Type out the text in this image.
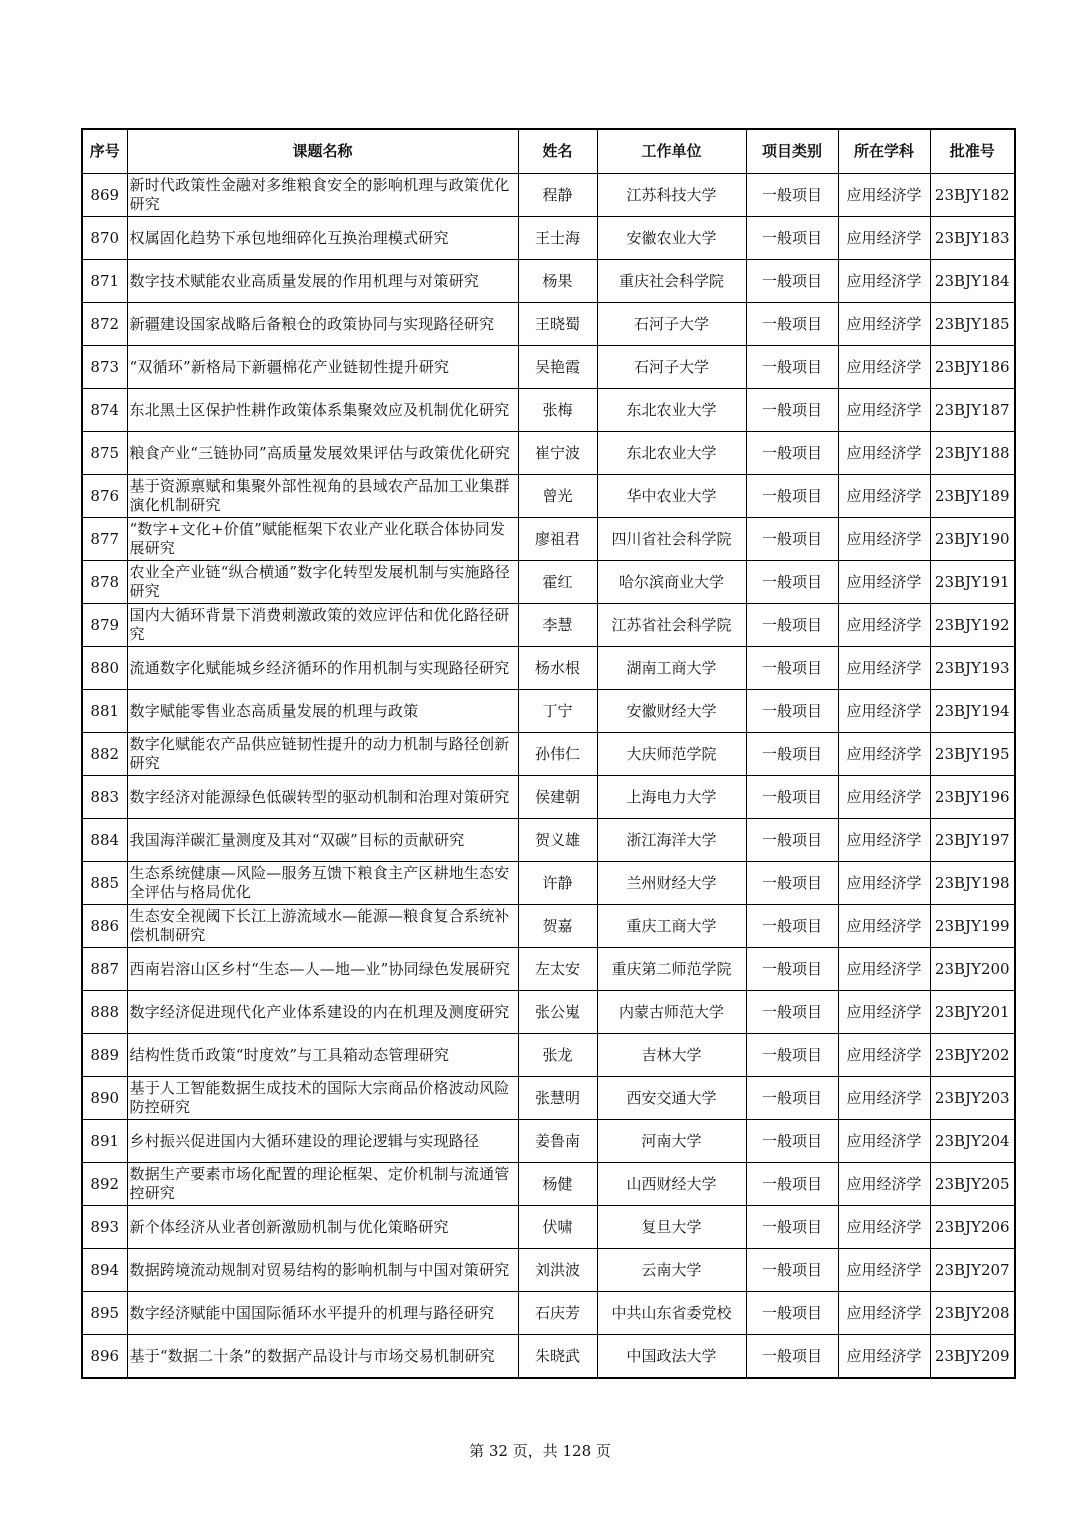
序号	课题名称	姓名	工作单位	项目类别	所在学科	批准号
869	新时代政策性金融对多维粮食安全的影响机理与政策优化研究	程静	江苏科技大学	一般项目	应用经济学	23BJY182
870	权属固化趋势下承包地细碎化互换治理模式研究	王士海	安徽农业大学	一般项目	应用经济学	23BJY183
871	数字技术赋能农业高质量发展的作用机理与对策研究	杨果	重庆社会科学院	一般项目	应用经济学	23BJY184
872	新疆建设国家战略后备粮仓的政策协同与实现路径研究	王晓蜀	石河子大学	一般项目	应用经济学	23BJY185
873	“双循环”新格局下新疆棉花产业链韧性提升研究	吴艳霞	石河子大学	一般项目	应用经济学	23BJY186
874	东北黑土区保护性耕作政策体系集聚效应及机制优化研究	张梅	东北农业大学	一般项目	应用经济学	23BJY187
875	粮食产业“三链协同”高质量发展效果评估与政策优化研究	崔宁波	东北农业大学	一般项目	应用经济学	23BJY188
876	基于资源禀赋和集聚外部性视角的县域农产品加工业集群演化机制研究	曾光	华中农业大学	一般项目	应用经济学	23BJY189
877	“数字+文化+价值”赋能框架下农业产业化联合体协同发展研究	廖祖君	四川省社会科学院	一般项目	应用经济学	23BJY190
878	农业全产业链“纵合横通”数字化转型发展机制与实施路径研究	霍红	哈尔滨商业大学	一般项目	应用经济学	23BJY191
879	国内大循环背景下消费刺激政策的效应评估和优化路径研究	李慧	江苏省社会科学院	一般项目	应用经济学	23BJY192
880	流通数字化赋能城乡经济循环的作用机制与实现路径研究	杨水根	湖南工商大学	一般项目	应用经济学	23BJY193
881	数字赋能零售业态高质量发展的机理与政策	丁宁	安徽财经大学	一般项目	应用经济学	23BJY194
882	数字化赋能农产品供应链韧性提升的动力机制与路径创新研究	孙伟仁	大庆师范学院	一般项目	应用经济学	23BJY195
883	数字经济对能源绿色低碳转型的驱动机制和治理对策研究	侯建朝	上海电力大学	一般项目	应用经济学	23BJY196
884	我国海洋碳汇量测度及其对“双碳”目标的贡献研究	贺义雄	浙江海洋大学	一般项目	应用经济学	23BJY197
885	生态系统健康—风险—服务互馈下粮食主产区耕地生态安全评估与格局优化	许静	兰州财经大学	一般项目	应用经济学	23BJY198
886	生态安全视阈下长江上游流域水—能源—粮食复合系统补偿机制研究	贺嘉	重庆工商大学	一般项目	应用经济学	23BJY199
887	西南岩溶山区乡村“生态—人—地—业”协同绿色发展研究	左太安	重庆第二师范学院	一般项目	应用经济学	23BJY200
888	数字经济促进现代化产业体系建设的内在机理及测度研究	张公嵬	内蒙古师范大学	一般项目	应用经济学	23BJY201
889	结构性货币政策“时度效”与工具箱动态管理研究	张龙	吉林大学	一般项目	应用经济学	23BJY202
890	基于人工智能数据生成技术的国际大宗商品价格波动风险防控研究	张慧明	西安交通大学	一般项目	应用经济学	23BJY203
891	乡村振兴促进国内大循环建设的理论逻辑与实现路径	姜鲁南	河南大学	一般项目	应用经济学	23BJY204
892	数据生产要素市场化配置的理论框架、定价机制与流通管控研究	杨健	山西财经大学	一般项目	应用经济学	23BJY205
893	新个体经济从业者创新激励机制与优化策略研究	伏啸	复旦大学	一般项目	应用经济学	23BJY206
894	数据跨境流动规制对贸易结构的影响机制与中国对策研究	刘洪波	云南大学	一般项目	应用经济学	23BJY207
895	数字经济赋能中国国际循环水平提升的机理与路径研究	石庆芳	中共山东省委党校	一般项目	应用经济学	23BJY208
896	基于“数据二十条”的数据产品设计与市场交易机制研究	朱晓武	中国政法大学	一般项目	应用经济学	23BJY209
第 32 页，共 128 页
